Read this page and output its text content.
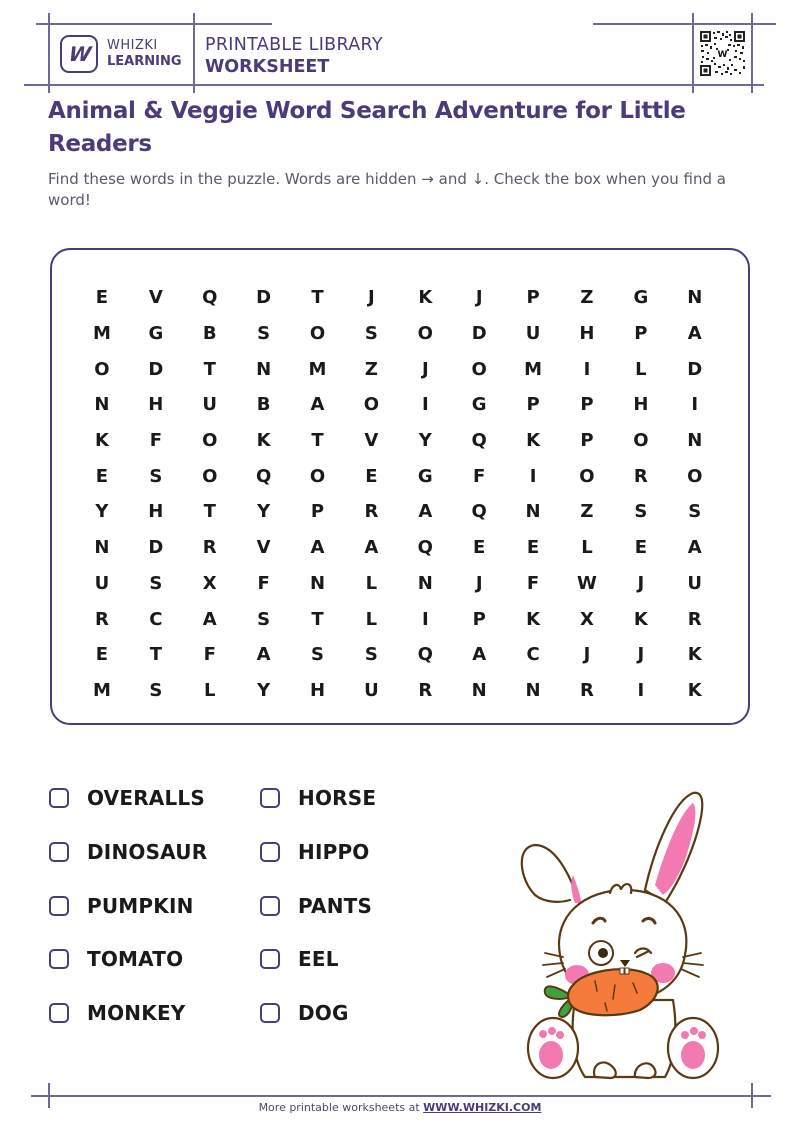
W WHIZKI
LEARNING
PRINTABLE LIBRARY
WORKSHEET
W
Animal & Veggie Word Search Adventure for Little Readers
Find these words in the puzzle. Words are hidden → and ↓. Check the box when you find a word!
E	V	Q	D	T	J	K	J	P	Z	G	N
M	G	B	S	O	S	O	D	U	H	P	A
O	D	T	N	M	Z	J	O	M	I	L	D
N	H	U	B	A	O	I	G	P	P	H	I
K	F	O	K	T	V	Y	Q	K	P	O	N
E	S	O	Q	O	E	G	F	I	O	R	O
Y	H	T	Y	P	R	A	Q	N	Z	S	S
N	D	R	V	A	A	Q	E	E	L	E	A
U	S	X	F	N	L	N	J	F	W	J	U
R	C	A	S	T	L	I	P	K	X	K	R
E	T	F	A	S	S	Q	A	C	J	J	K
M	S	L	Y	H	U	R	N	N	R	I	K
OVERALLS
DINOSAUR
PUMPKIN
TOMATO
MONKEY
HORSE
HIPPO
PANTS
EEL
DOG
More printable worksheets at WWW.WHIZKI.COM
